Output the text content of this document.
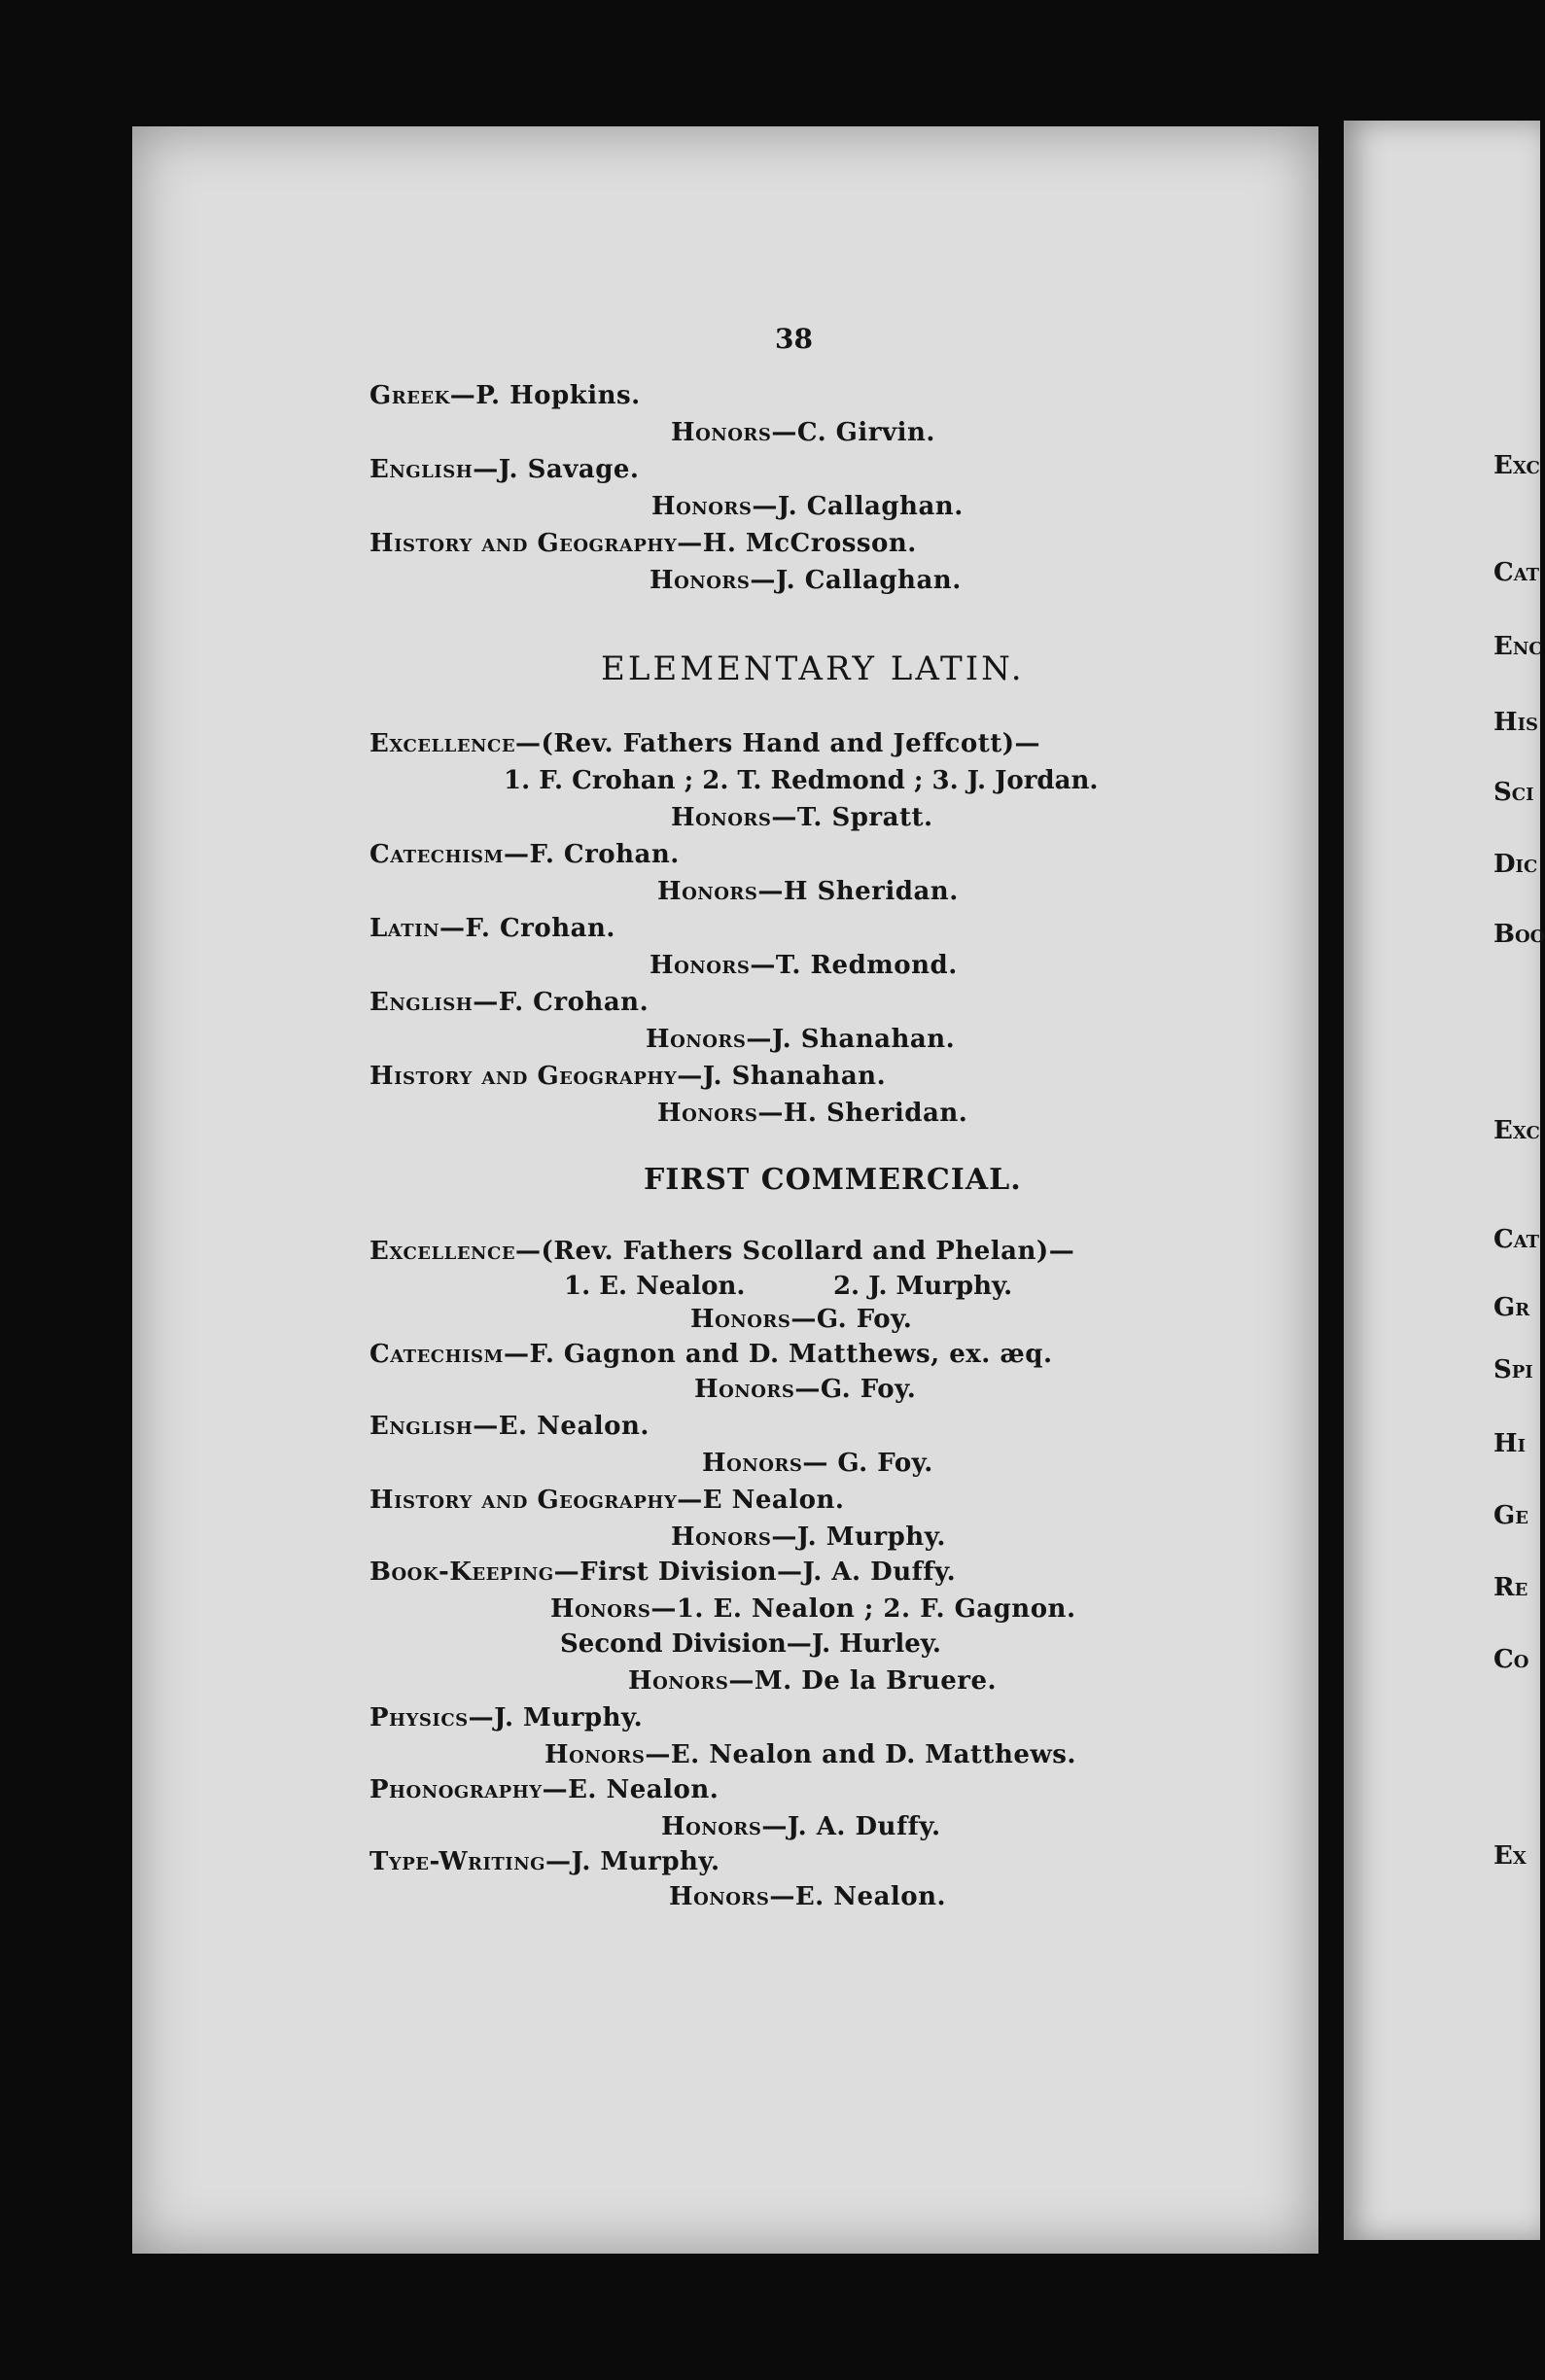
38
Greek—P. Hopkins.
Honors—C. Girvin.
English—J. Savage.
Honors—J. Callaghan.
History and Geography—H. McCrosson.
Honors—J. Callaghan.
ELEMENTARY LATIN.
Excellence—(Rev. Fathers Hand and Jeffcott)—
1. F. Crohan ; 2. T. Redmond ; 3. J. Jordan.
Honors—T. Spratt.
Catechism—F. Crohan.
Honors—H Sheridan.
Latin—F. Crohan.
Honors—T. Redmond.
English—F. Crohan.
Honors—J. Shanahan.
History and Geography—J. Shanahan.
Honors—H. Sheridan.
FIRST COMMERCIAL.
Excellence—(Rev. Fathers Scollard and Phelan)—
1. E. Nealon.          2. J. Murphy.
Honors—G. Foy.
Catechism—F. Gagnon and D. Matthews, ex. æq.
Honors—G. Foy.
English—E. Nealon.
Honors— G. Foy.
History and Geography—E Nealon.
Honors—J. Murphy.
Book-Keeping—First Division—J. A. Duffy.
Honors—1. E. Nealon ; 2. F. Gagnon.
Second Division—J. Hurley.
Honors—M. De la Bruere.
Physics—J. Murphy.
Honors—E. Nealon and D. Matthews.
Phonography—E. Nealon.
Honors—J. A. Duffy.
Type-Writing—J. Murphy.
Honors—E. Nealon.
Exc
Cat
Enc
His
Sci
Dic
Boo
Exc
Cat
Gr
Spi
Hi
Ge
Re
Co
Ex
